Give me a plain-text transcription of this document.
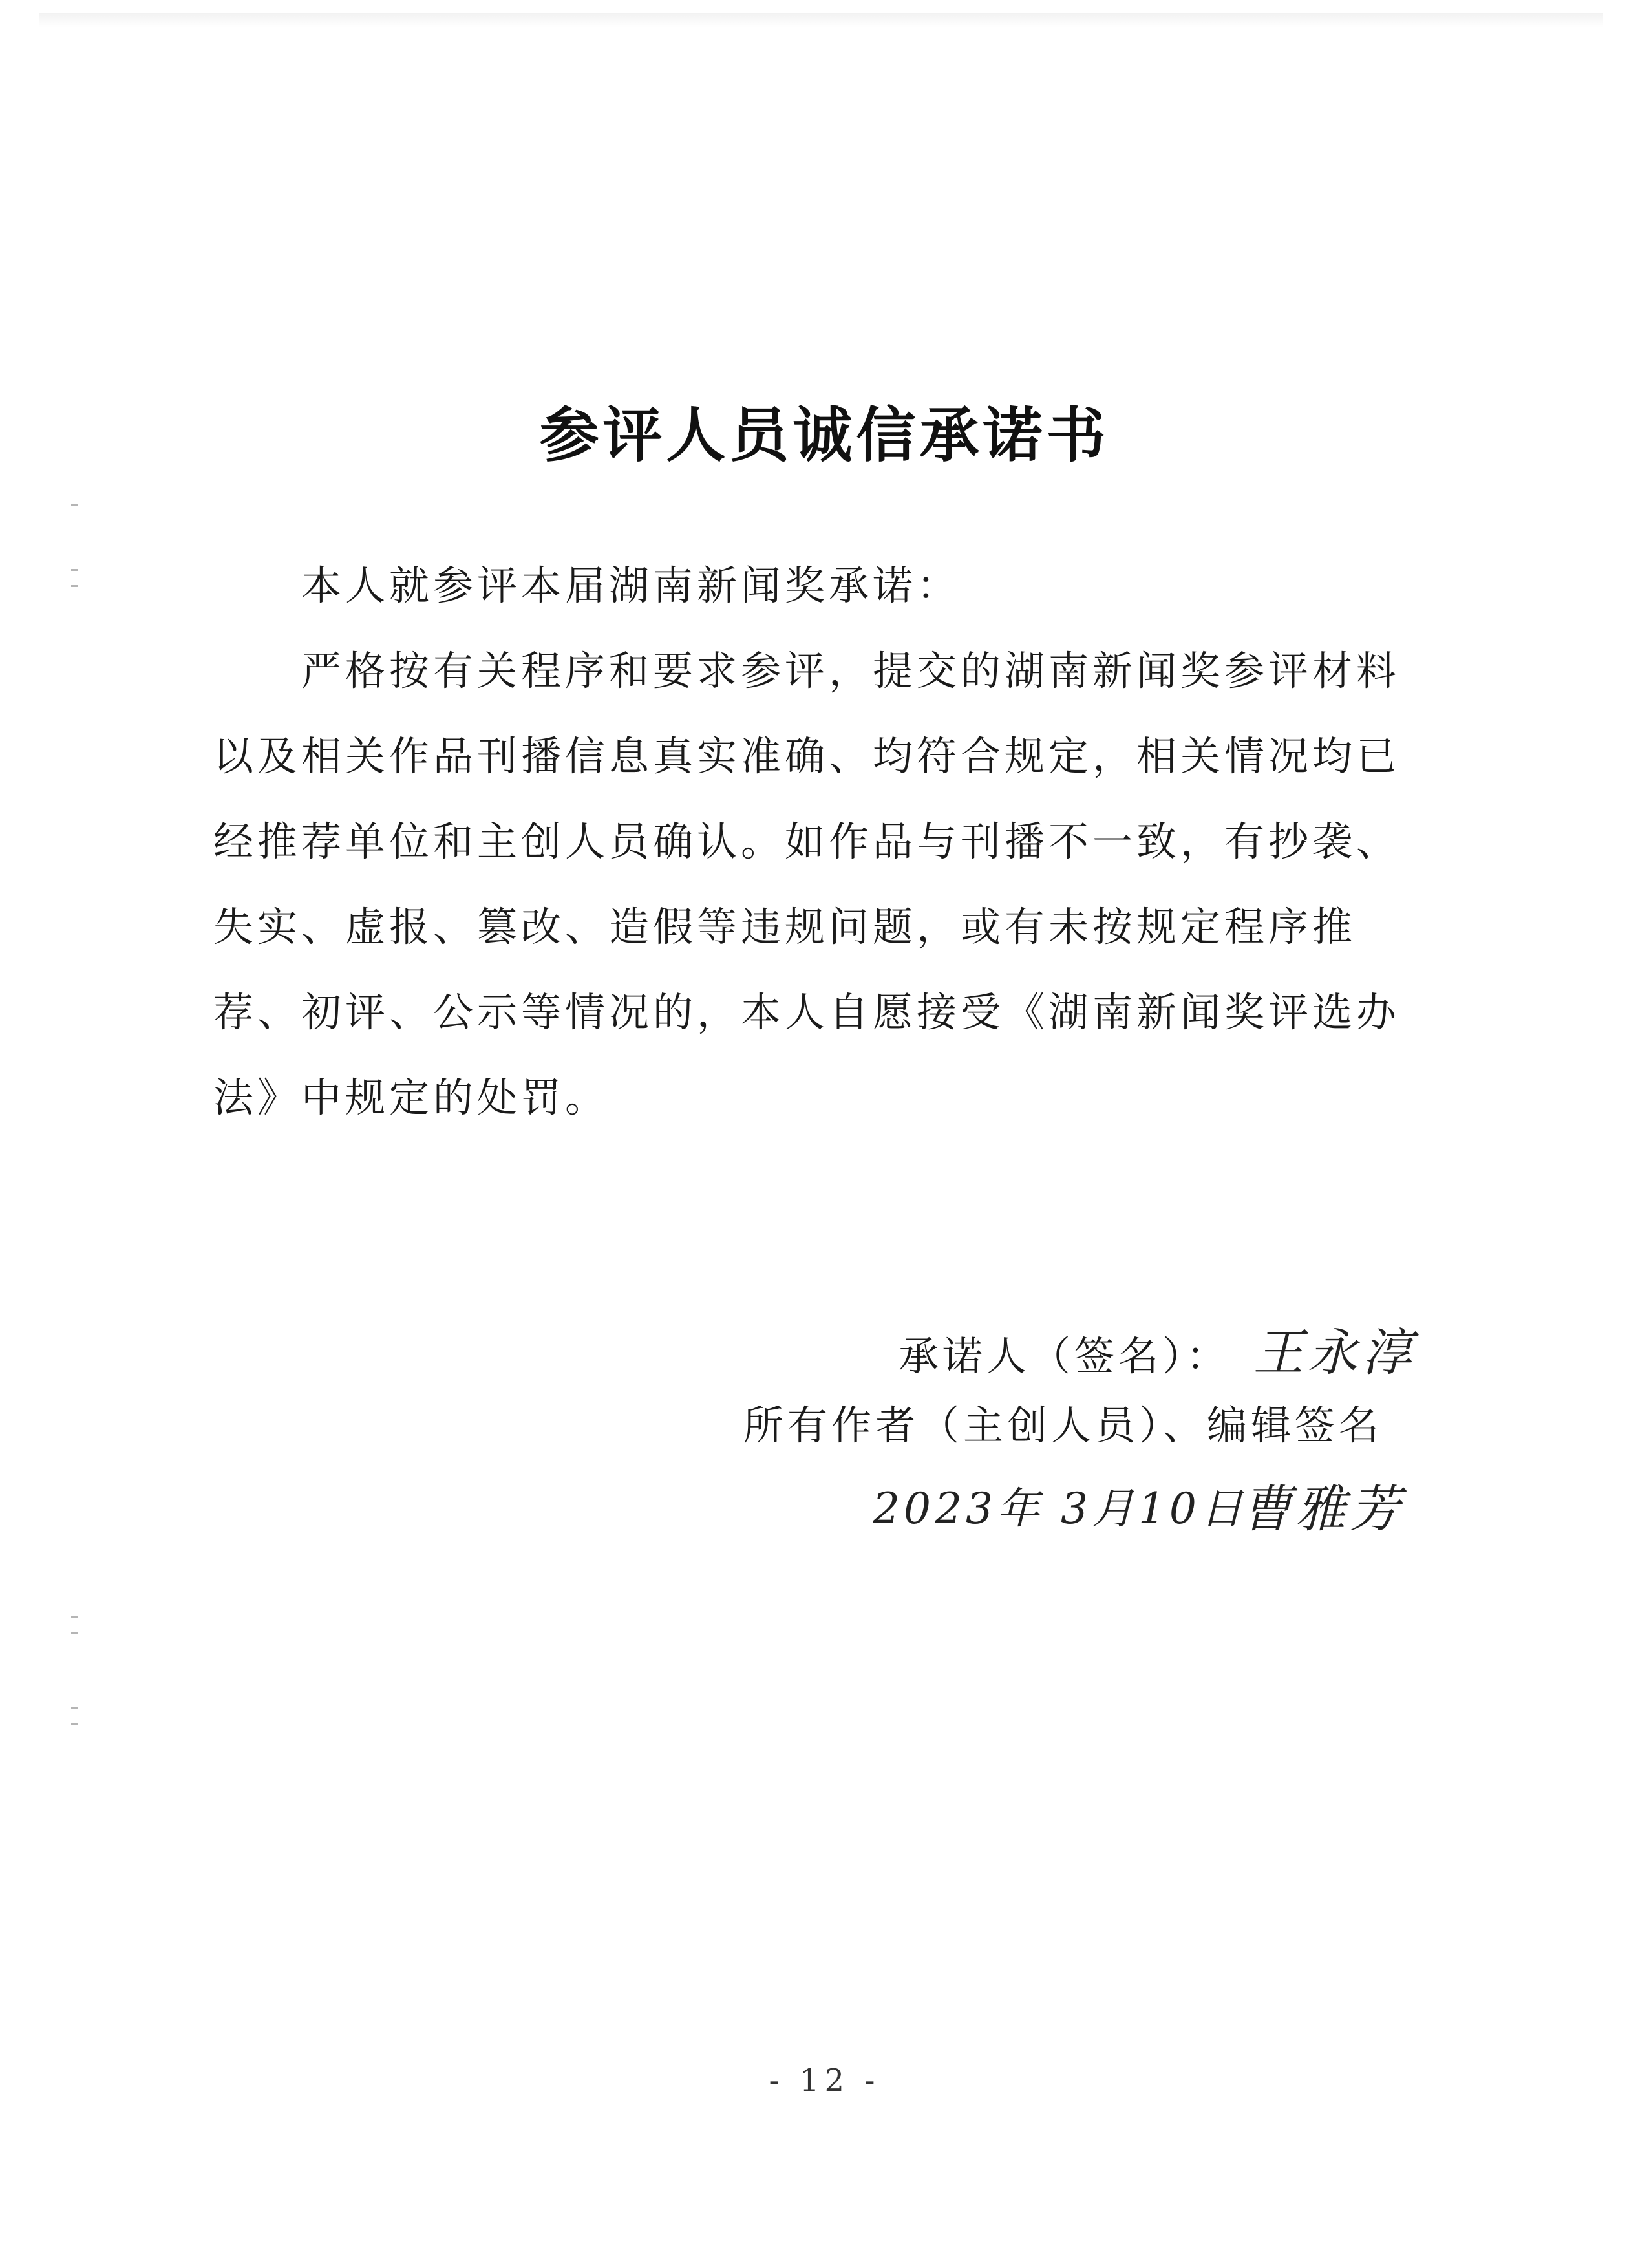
参评人员诚信承诺书

本人就参评本届湖南新闻奖承诺：

严格按有关程序和要求参评，提交的湖南新闻奖参评材料以及相关作品刊播信息真实准确、均符合规定，相关情况均已经推荐单位和主创人员确认。如作品与刊播不一致，有抄袭、失实、虚报、篡改、造假等违规问题，或有未按规定程序推荐、初评、公示等情况的，本人自愿接受《湖南新闻奖评选办法》中规定的处罚。

承诺人（签名）： 王永淳
所有作者（主创人员）、编辑签名
2023年 3月10日
曹雅芳
- 12 -
